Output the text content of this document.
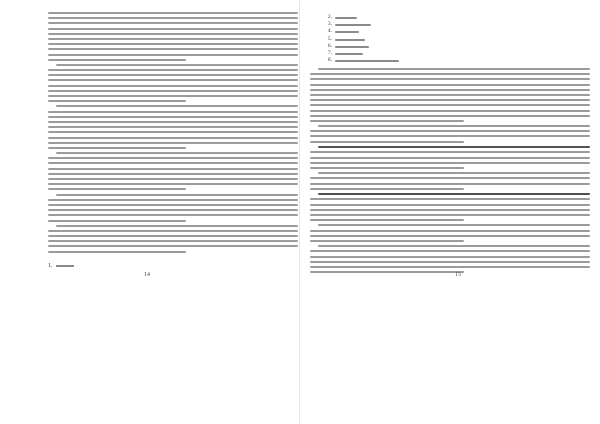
1.
14
2.
3.
4.
5.
6.
7.
8.
15
